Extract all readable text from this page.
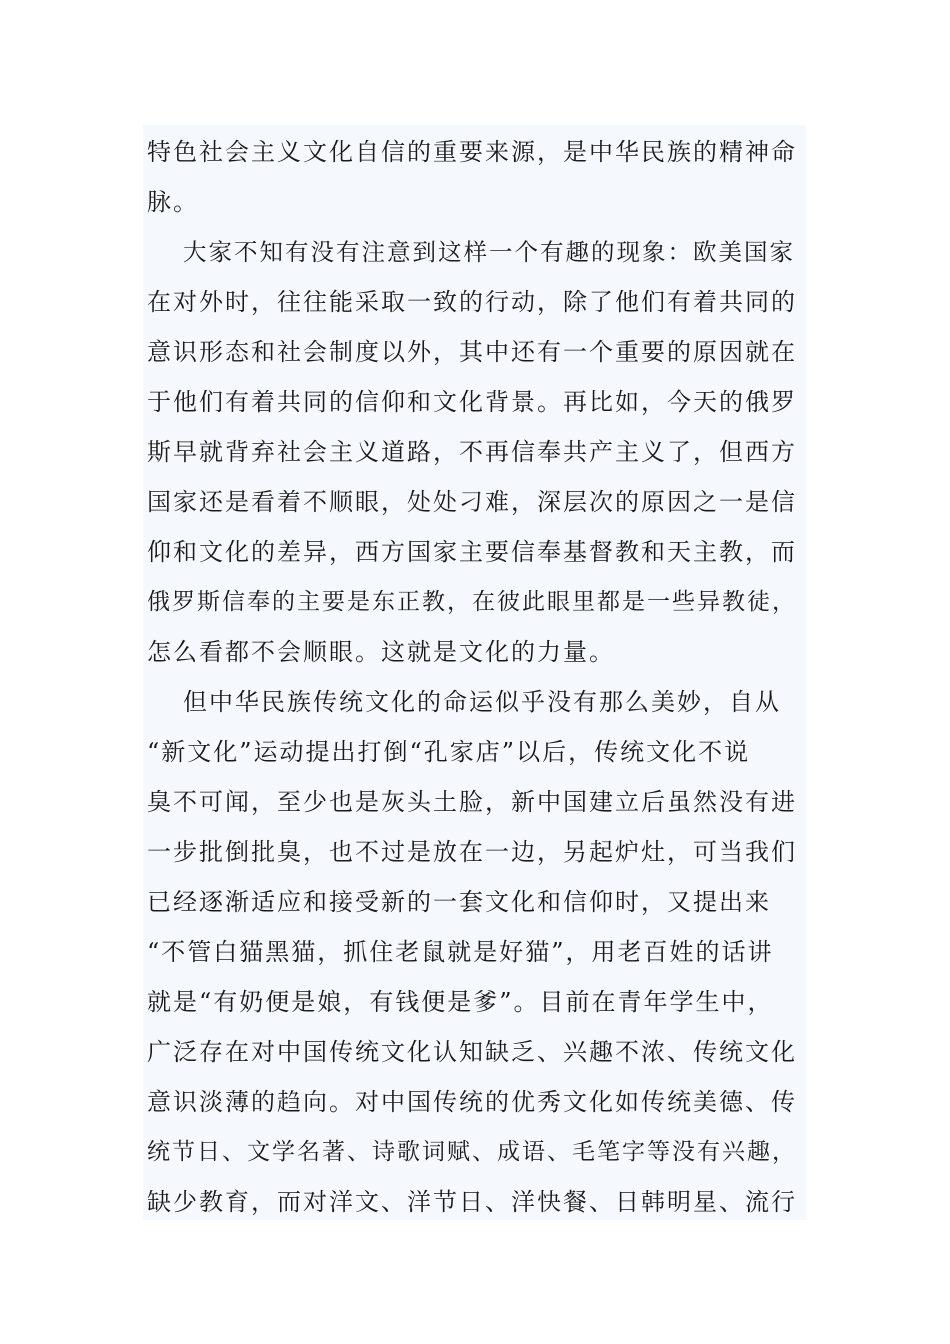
特色社会主义文化自信的重要来源，是中华民族的精神命
脉。
大家不知有没有注意到这样一个有趣的现象：欧美国家
在对外时，往往能采取一致的行动，除了他们有着共同的
意识形态和社会制度以外，其中还有一个重要的原因就在
于他们有着共同的信仰和文化背景。再比如，今天的俄罗
斯早就背弃社会主义道路，不再信奉共产主义了，但西方
国家还是看着不顺眼，处处刁难，深层次的原因之一是信
仰和文化的差异，西方国家主要信奉基督教和天主教，而
俄罗斯信奉的主要是东正教，在彼此眼里都是一些异教徒，
怎么看都不会顺眼。这就是文化的力量。
但中华民族传统文化的命运似乎没有那么美妙，自从
“新文化”运动提出打倒“孔家店”以后，传统文化不说
臭不可闻，至少也是灰头土脸，新中国建立后虽然没有进
一步批倒批臭，也不过是放在一边，另起炉灶，可当我们
已经逐渐适应和接受新的一套文化和信仰时，又提出来
“不管白猫黑猫，抓住老鼠就是好猫”，用老百姓的话讲
就是“有奶便是娘，有钱便是爹”。目前在青年学生中，
广泛存在对中国传统文化认知缺乏、兴趣不浓、传统文化
意识淡薄的趋向。对中国传统的优秀文化如传统美德、传
统节日、文学名著、诗歌词赋、成语、毛笔字等没有兴趣，
缺少教育，而对洋文、洋节日、洋快餐、日韩明星、流行
